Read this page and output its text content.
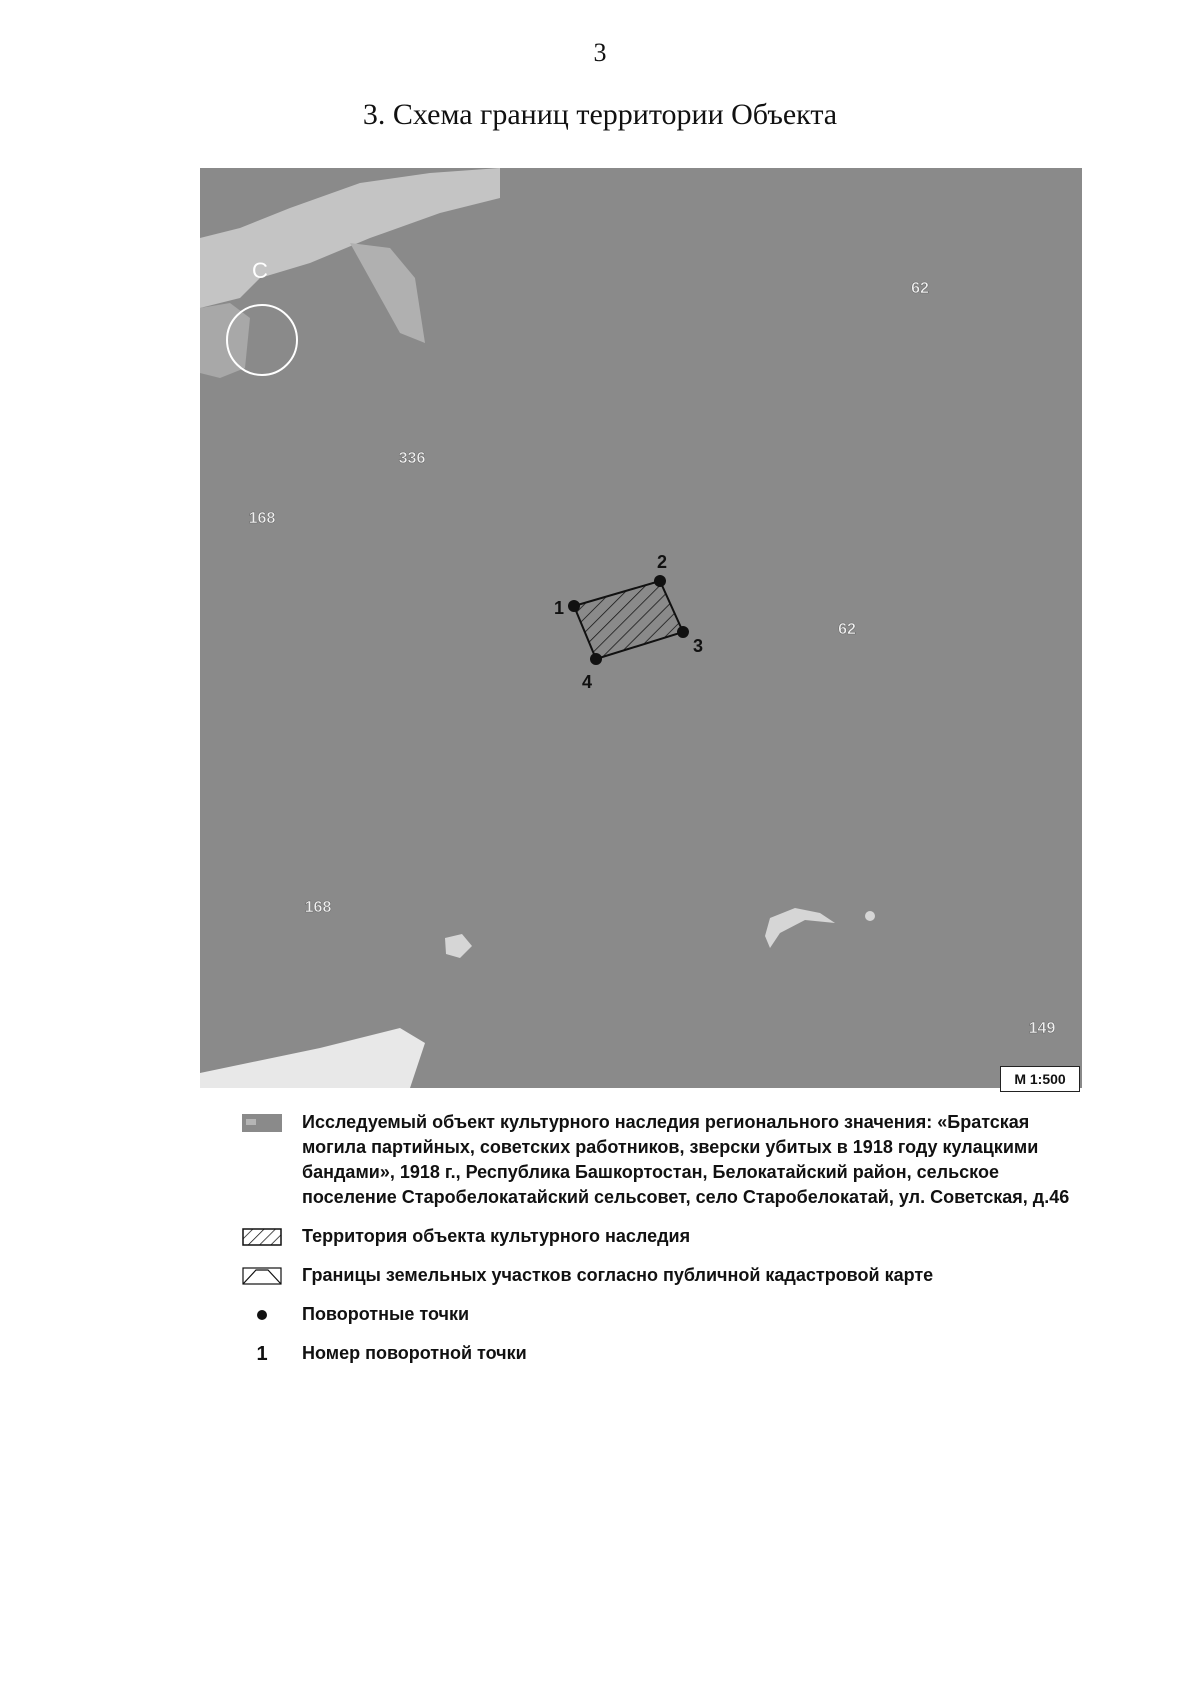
3
3. Схема границ территории Объекта
С
62
336
168
62
168
149
1
2
3
4
М 1:500
Исследуемый объект культурного наследия регионального значения: «Братская могила партийных, советских работников, зверски убитых в 1918 году кулацкими бандами», 1918 г., Республика Башкортостан, Белокатайский район, сельское поселение Старобелокатайский сельсовет, село Старобелокатай, ул. Советская, д.46
Территория объекта культурного наследия
Границы земельных участков согласно публичной кадастровой карте
Поворотные точки
1	Номер поворотной точки
